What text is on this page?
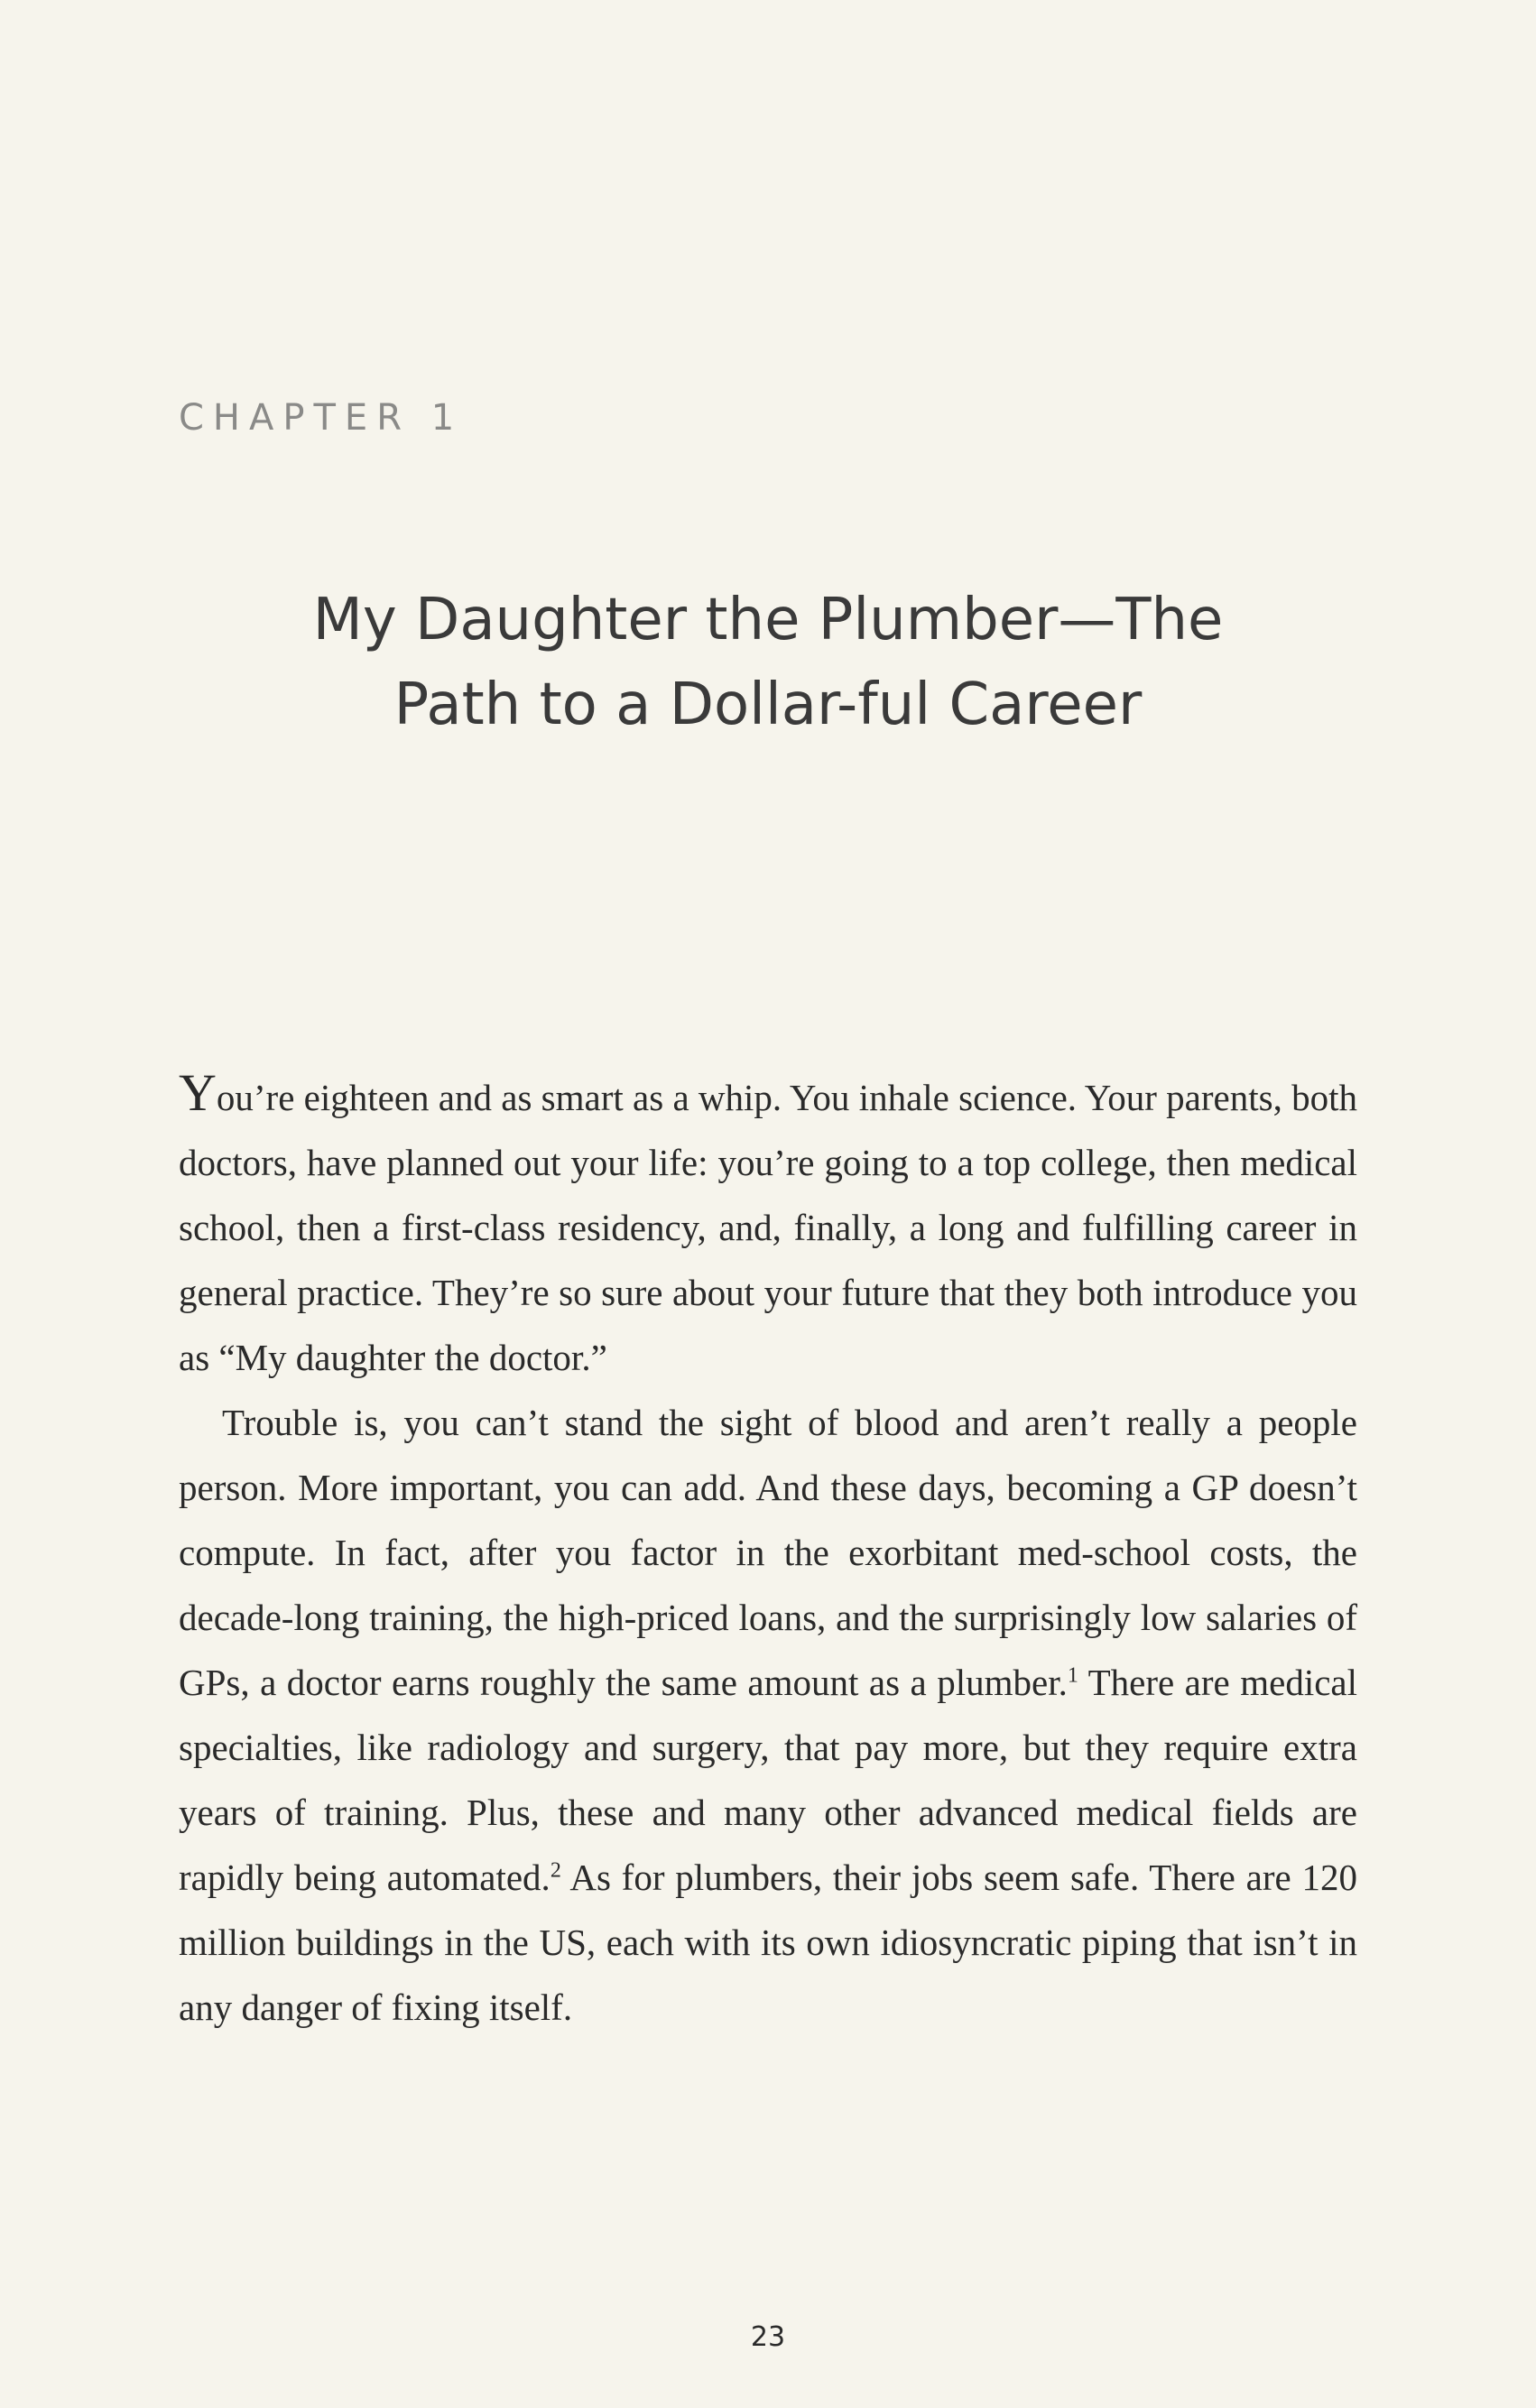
CHAPTER 1
My Daughter the Plumber—The
Path to a Dollar-ful Career

You’re eighteen and as smart as a whip. You inhale science. Your parents, both doctors, have planned out your life: you’re going to a top college, then medical school, then a first-class residency, and, finally, a long and fulfilling career in general practice. They’re so sure about your future that they both introduce you as “My daughter the doctor.”

Trouble is, you can’t stand the sight of blood and aren’t really a people person. More important, you can add. And these days, becoming a GP doesn’t compute. In fact, after you factor in the exorbitant med-school costs, the decade-long training, the high-priced loans, and the surprisingly low salaries of GPs, a doctor earns roughly the same amount as a plumber.$^1$ There are medical specialties, like radiology and surgery, that pay more, but they require extra years of training. Plus, these and many other advanced medical fields are rapidly being automated.$^2$ As for plumbers, their jobs seem safe. There are 120 million buildings in the US, each with its own idiosyncratic piping that isn’t in any danger of fixing itself.

23
